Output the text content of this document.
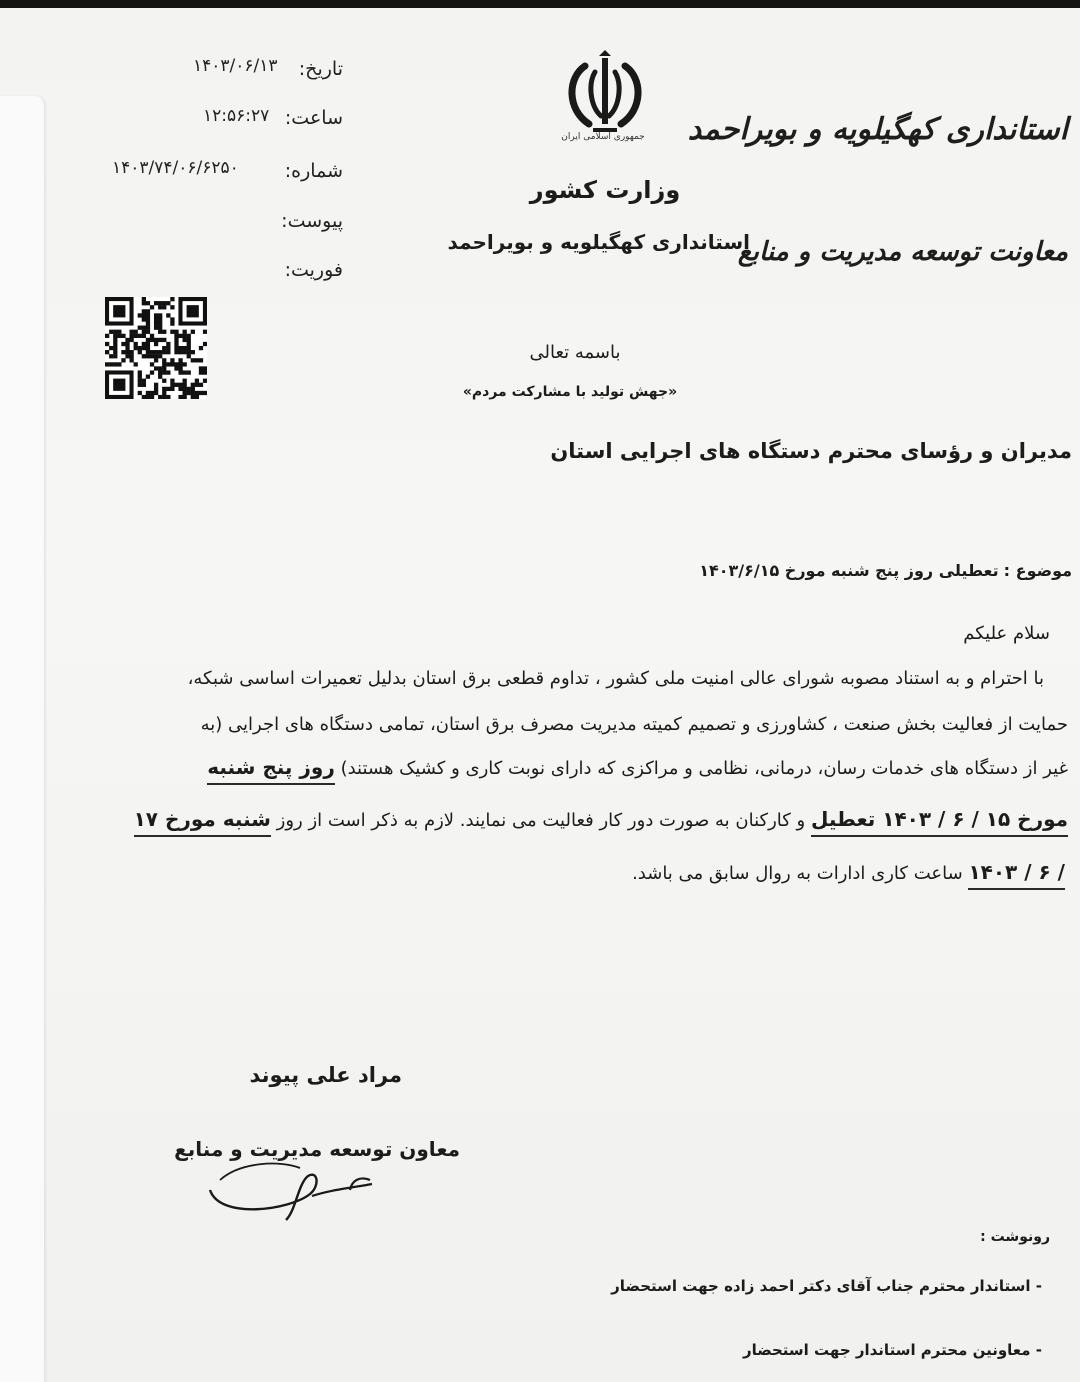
تاریخ:
۱۴۰۳/۰۶/۱۳
ساعت:
۱۲:۵۶:۲۷
شماره:
۱۴۰۳/۷۴/۰۶/۶۲۵۰
پیوست:
فوریت:
جمهوری اسلامی ایران
وزارت کشور
استانداری کهگیلویه و بویراحمد
استانداری کهگیلویه و بویراحمد
معاونت توسعه مدیریت و منابع
باسمه تعالی
«جهش تولید با مشارکت مردم»
مدیران و رؤسای محترم دستگاه های اجرایی استان
موضوع : تعطیلی روز پنج شنبه مورخ ۱۴۰۳/۶/۱۵
سلام علیکم
با احترام و به استناد مصوبه شورای عالی امنیت ملی کشور ، تداوم قطعی برق استان بدلیل تعمیرات اساسی شبکه،
حمایت از فعالیت بخش صنعت ، کشاورزی و تصمیم کمیته مدیریت مصرف برق استان، تمامی دستگاه های اجرایی (به
غیر از دستگاه های خدمات رسان، درمانی، نظامی و مراکزی که دارای نوبت کاری و کشیک هستند) روز پنج شنبه
مورخ ۱۵ / ۶ / ۱۴۰۳ تعطیل و کارکنان به صورت دور کار فعالیت می نمایند. لازم به ذکر است از روز شنبه مورخ ۱۷
/ ۶ / ۱۴۰۳ ساعت کاری ادارات به روال سابق می باشد.
مراد علی پیوند
معاون توسعه مدیریت و منابع
رونوشت :
- استاندار محترم جناب آقای دکتر احمد زاده جهت استحضار
- معاونین محترم استاندار جهت استحضار
